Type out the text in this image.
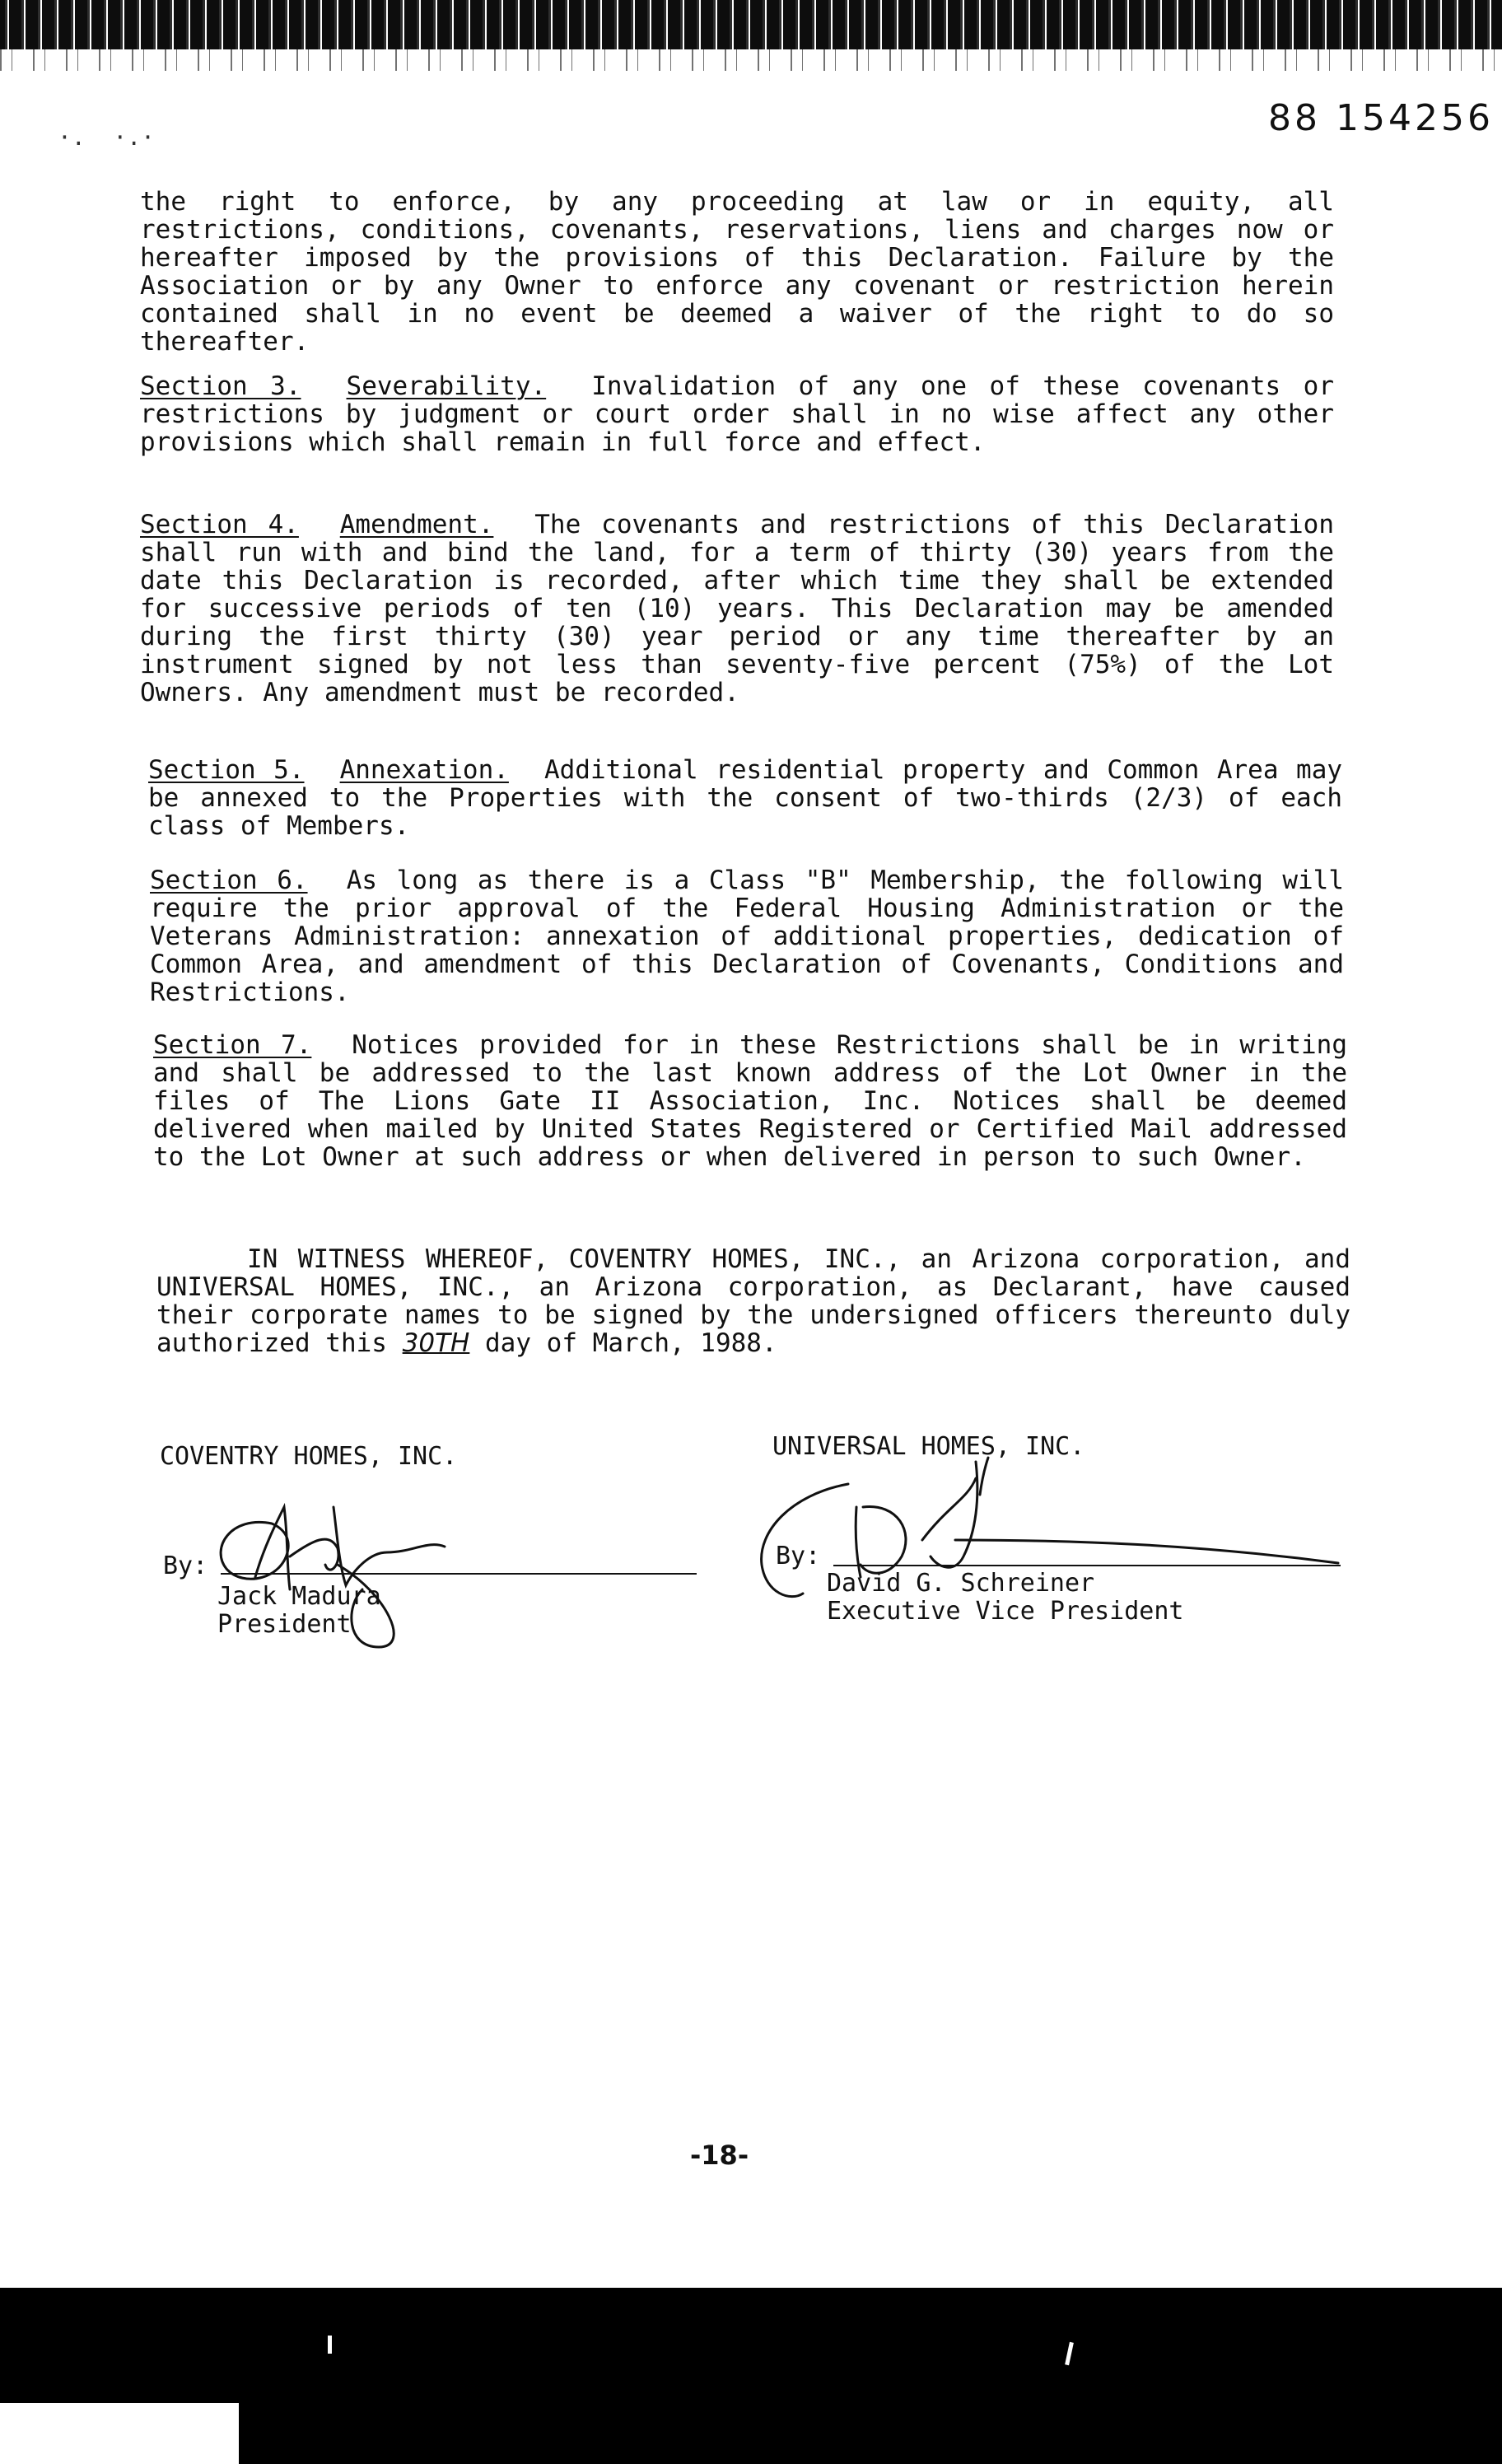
88 154256
·.  ·.·
the right to enforce, by any proceeding at law or in equity, all restrictions, conditions, covenants, reservations, liens and charges now or hereafter imposed by the provisions of this Declaration. Failure by the Association or by any Owner to enforce any covenant or restriction herein contained shall in no event be deemed a waiver of the right to do so thereafter.
Section 3. Severability. Invalidation of any one of these covenants or restrictions by judgment or court order shall in no wise affect any other provisions which shall remain in full force and effect.
Section 4. Amendment. The covenants and restrictions of this Declaration shall run with and bind the land, for a term of thirty (30) years from the date this Declaration is recorded, after which time they shall be extended for successive periods of ten (10) years. This Declaration may be amended during the first thirty (30) year period or any time thereafter by an instrument signed by not less than seventy-five percent (75%) of the Lot Owners. Any amendment must be recorded.
Section 5. Annexation. Additional residential property and Common Area may be annexed to the Properties with the consent of two-thirds (2/3) of each class of Members.
Section 6. As long as there is a Class "B" Membership, the following will require the prior approval of the Federal Housing Administration or the Veterans Administration: annexation of additional properties, dedication of Common Area, and amendment of this Declaration of Covenants, Conditions and Restrictions.
Section 7. Notices provided for in these Restrictions shall be in writing and shall be addressed to the last known address of the Lot Owner in the files of The Lions Gate II Association, Inc. Notices shall be deemed delivered when mailed by United States Registered or Certified Mail addressed to the Lot Owner at such address or when delivered in person to such Owner.
IN WITNESS WHEREOF, COVENTRY HOMES, INC., an Arizona corporation, and UNIVERSAL HOMES, INC., an Arizona corporation, as Declarant, have caused their corporate names to be signed by the undersigned officers thereunto duly authorized this 30TH day of March, 1988.
COVENTRY HOMES, INC.	UNIVERSAL HOMES, INC.
By:
Jack Madura
President
By:
David G. Schreiner
Executive Vice President
-18-
